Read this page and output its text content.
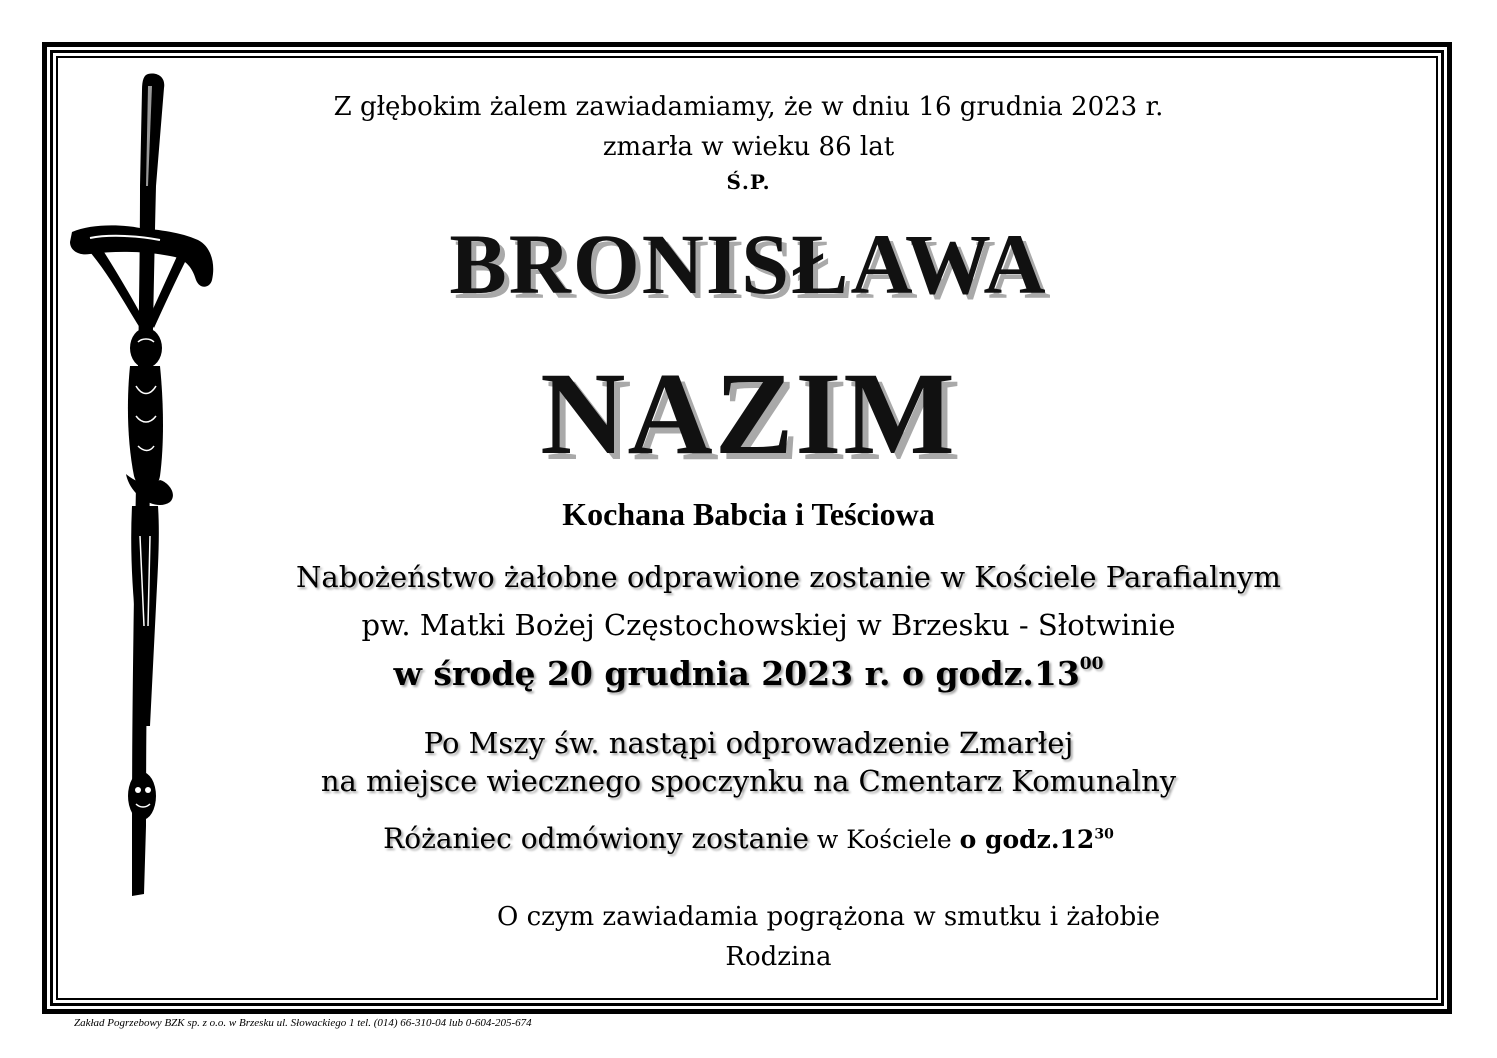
Z głębokim żalem zawiadamiamy, że w dniu 16 grudnia 2023 r.
zmarła w wieku 86 lat
Ś.P.
BRONISŁAWA
NAZIM
Kochana Babcia i Teściowa
Nabożeństwo żałobne odprawione zostanie w Kościele Parafialnym
pw. Matki Bożej Częstochowskiej w Brzesku - Słotwinie
w środę 20 grudnia 2023 r. o $godz.13^{00}$
Po Mszy św. nastąpi odprowadzenie Zmarłej
na miejsce wiecznego spoczynku na Cmentarz Komunalny
Różaniec odmówiony zostanie w Kościele o $godz.12^{30}$
O czym zawiadamia pogrążona w smutku i żałobie
Rodzina
Zakład Pogrzebowy BZK sp. z o.o. w Brzesku ul. Słowackiego 1 tel. (014) 66-310-04 lub 0-604-205-674
